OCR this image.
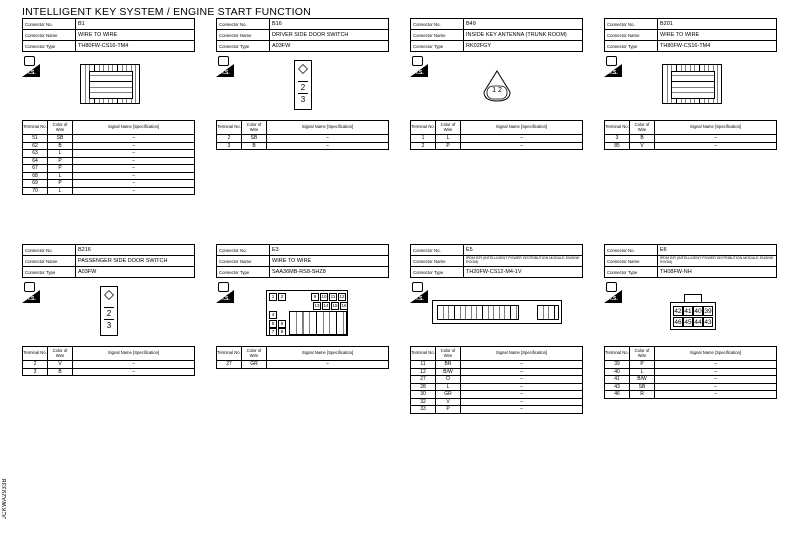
INTELLIGENT KEY SYSTEM / ENGINE START FUNCTION
JCKWA2933B
Connector No.	B1
Connector Name	WIRE TO WIRE
Connector Type	TH80FW-CS16-TM4
H.S.
Terminal No.	Color of Wire	Signal Name [Specification]
51	SB	–
62	B	–
63	L	–
64	P	–
67	P	–
68	L	–
69	P	–
70	L	–
Connector No.	B16
Connector Name	DRIVER SIDE DOOR SWITCH
Connector Type	A03FW
H.S.
2
3
Terminal No.	Color of Wire	Signal Name [Specification]
2	SB	–
3	B	–
Connector No.	B49
Connector Name	INSIDE KEY ANTENNA (TRUNK ROOM)
Connector Type	RK02FGY
H.S.
1 2
Terminal No.	Color of Wire	Signal Name [Specification]
1	L	–
2	P	–
Connector No.	B201
Connector Name	WIRE TO WIRE
Connector Type	TH80FW-CS16-TM4
H.S.
Terminal No.	Color of Wire	Signal Name [Specification]
3	B	–
85	V	–
Connector No.	B216
Connector Name	PASSENGER SIDE DOOR SWITCH
Connector Type	A03FW
H.S.
2
3
Terminal No.	Color of Wire	Signal Name [Specification]
2	V	–
3	B	–
Connector No.	E3
Connector Name	WIRE TO WIRE
Connector Type	SAA36MB-RS8-SHZ8
H.S.	1	2	9	10 11 12
13 14 15 16
4
5	6
7	8
Terminal No.	Color of Wire	Signal Name [Specification]
27	GR	–
Connector No.	E5
Connector Name	IPDM E/R (INTELLIGENT POWER DISTRIBUTION MODULE ENGINE ROOM)
Connector Type	TH20FW-CS12-M4-1V
H.S.
Terminal No.	Color of Wire	Signal Name [Specification]
11	BR	–
12	B/W	–
27	O	–
28	L	–
30	GR	–
32	V	–
33	P	–
Connector No.	E6
Connector Name	IPDM E/R (INTELLIGENT POWER DISTRIBUTION MODULE ENGINE ROOM)
Connector Type	TH08FW-NH
H.S.
42 41 40 39
46 45 44 43
Terminal No.	Color of Wire	Signal Name [Specification]
39	P	–
40	L	–
41	B/W	–
43	SB	–
46	R	–
